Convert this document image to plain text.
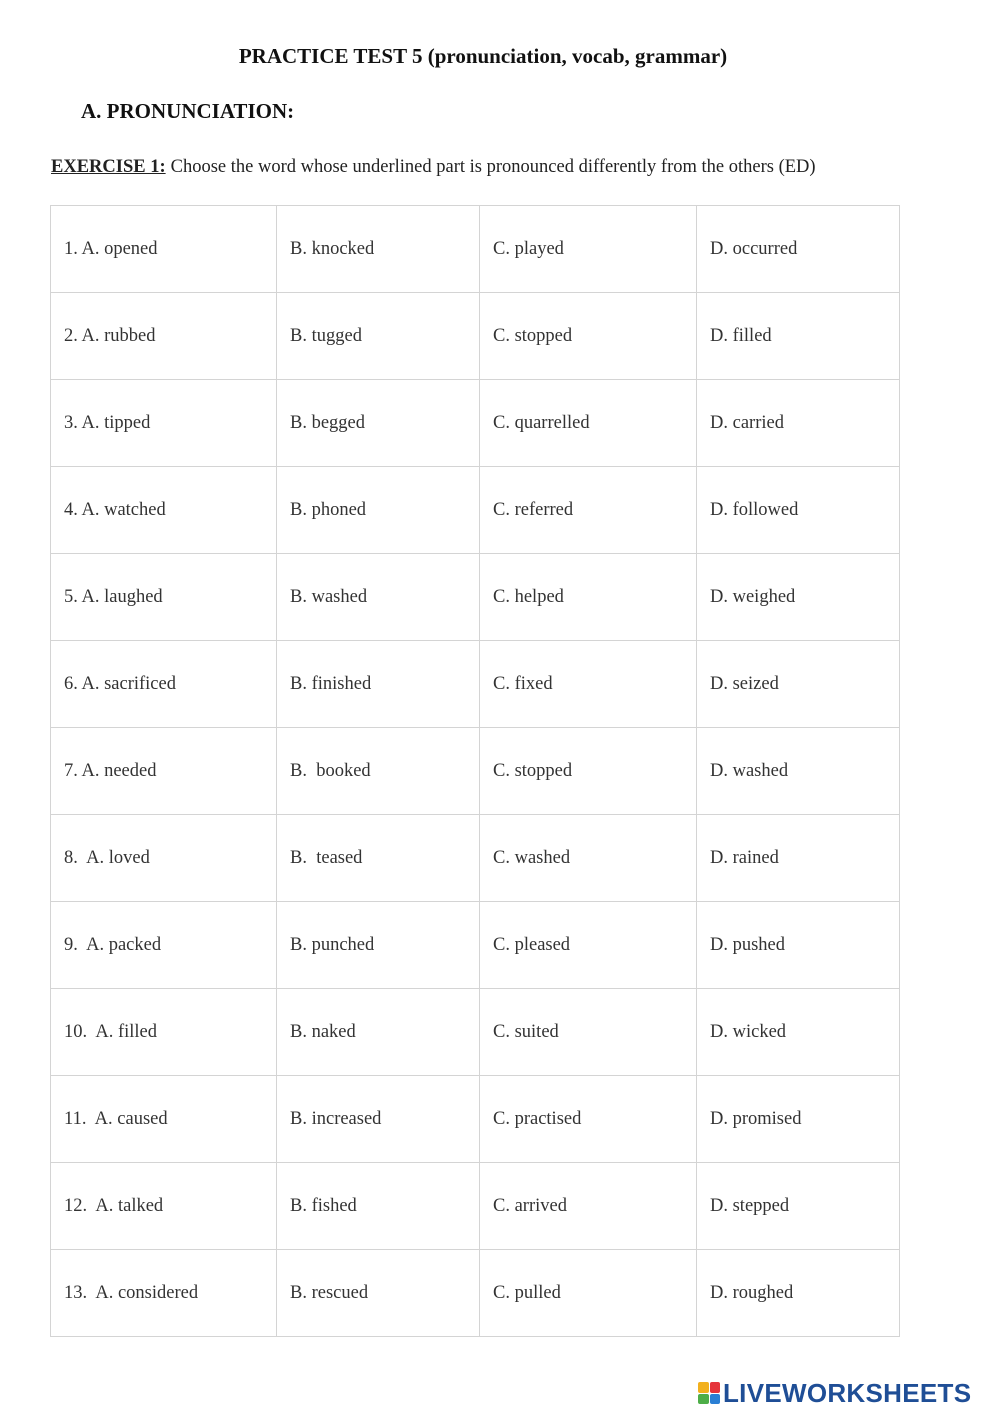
PRACTICE TEST 5 (pronunciation, vocab, grammar)
A. PRONUNCIATION:
EXERCISE 1: Choose the word whose underlined part is pronounced differently from the others (ED)
1. A. opened	B. knocked	C. played	D. occurred
2. A. rubbed	B. tugged	C. stopped	D. filled
3. A. tipped	B. begged	C. quarrelled	D. carried
4. A. watched	B. phoned	C. referred	D. followed
5. A. laughed	B. washed	C. helped	D. weighed
6. A. sacrificed	B. finished	C. fixed	D. seized
7. A. needed	B.  booked	C. stopped	D. washed
8.  A. loved	B.  teased	C. washed	D. rained
9.  A. packed	B. punched	C. pleased	D. pushed
10.  A. filled	B. naked	C. suited	D. wicked
11.  A. caused	B. increased	C. practised	D. promised
12.  A. talked	B. fished	C. arrived	D. stepped
13.  A. considered	B. rescued	C. pulled	D. roughed
LIVEWORKSHEETS
